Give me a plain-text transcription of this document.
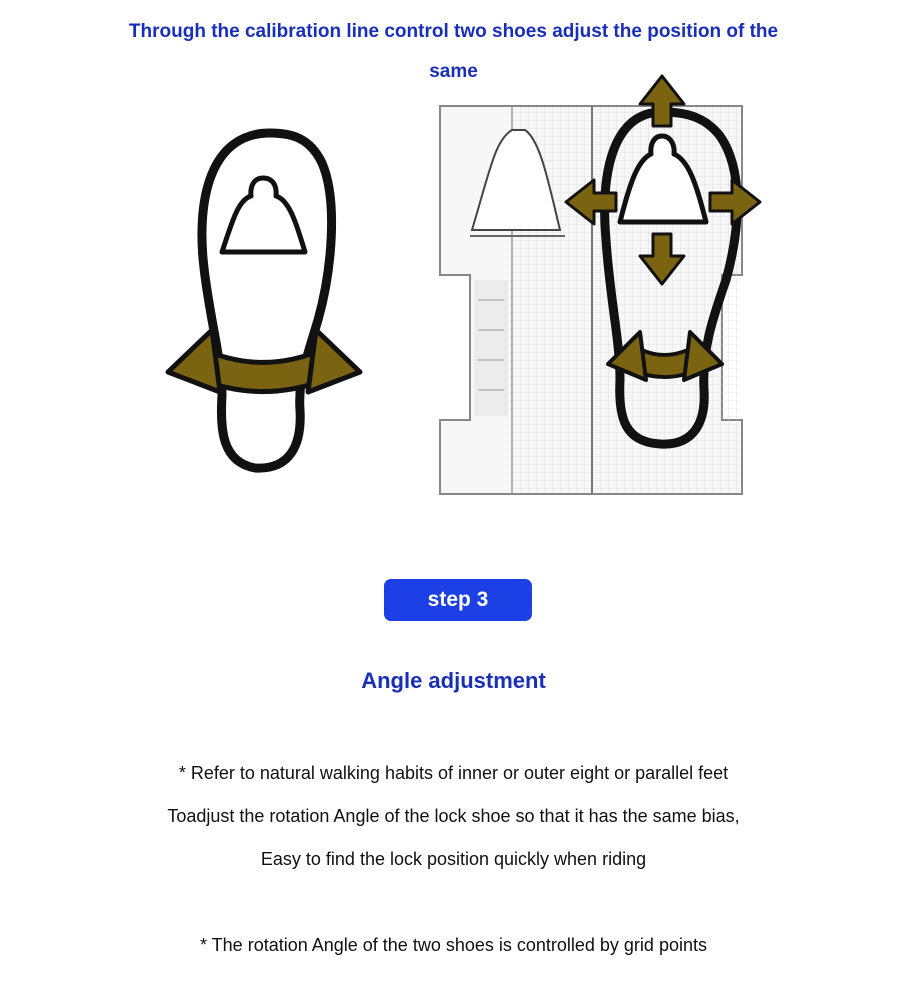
Through the calibration line control two shoes adjust the position of the same

step 3
Angle adjustment

* Refer to natural walking habits of inner or outer eight or parallel feet

Toadjust the rotation Angle of the lock shoe so that it has the same bias,

Easy to find the lock position quickly when riding

* The rotation Angle of the two shoes is controlled by grid points
